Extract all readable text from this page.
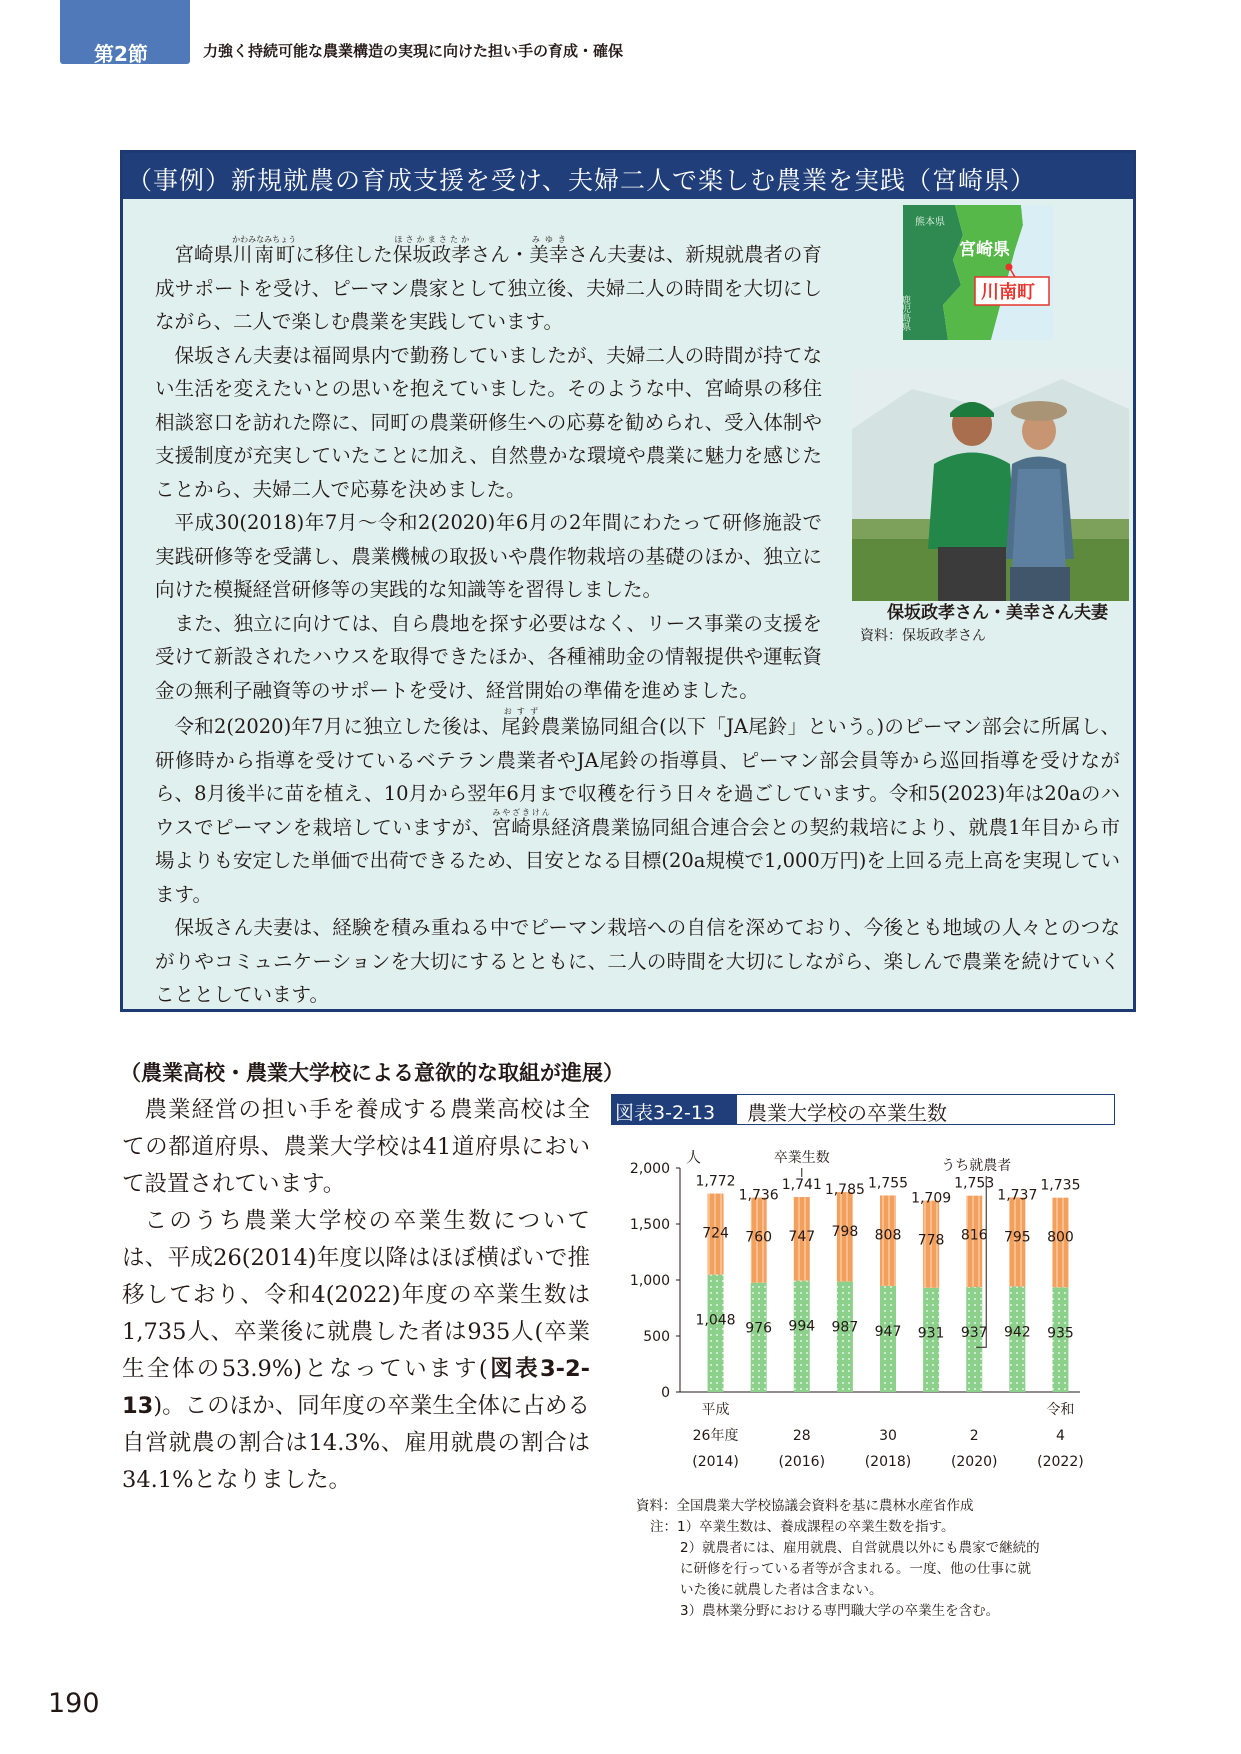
第2節	力強く持続可能な農業構造の実現に向けた担い手の育成・確保
（事例）新規就農の育成支援を受け、夫婦二人で楽しむ農業を実践（宮崎県）

宮崎県川南町かわみなみちょうに移住した保坂政孝ほさかまさたかさん・美幸みゆきさん夫妻は、新規就農者の育成サポートを受け、ピーマン農家として独立後、夫婦二人の時間を大切にしながら、二人で楽しむ農業を実践しています。

保坂さん夫妻は福岡県内で勤務していましたが、夫婦二人の時間が持てない生活を変えたいとの思いを抱えていました。そのような中、宮崎県の移住相談窓口を訪れた際に、同町の農業研修生への応募を勧められ、受入体制や支援制度が充実していたことに加え、自然豊かな環境や農業に魅力を感じたことから、夫婦二人で応募を決めました。

平成30(2018)年7月～令和2(2020)年6月の2年間にわたって研修施設で実践研修等を受講し、農業機械の取扱いや農作物栽培の基礎のほか、独立に向けた模擬経営研修等の実践的な知識等を習得しました。

また、独立に向けては、自ら農地を探す必要はなく、リース事業の支援を受けて新設されたハウスを取得できたほか、各種補助金の情報提供や運転資金の無利子融資等のサポートを受け、経営開始の準備を進めました。

令和2(2020)年7月に独立した後は、尾鈴おすず農業協同組合(以下「JA尾鈴」という。)のピーマン部会に所属し、研修時から指導を受けているベテラン農業者やJA尾鈴の指導員、ピーマン部会員等から巡回指導を受けながら、8月後半に苗を植え、10月から翌年6月まで収穫を行う日々を過ごしています。令和5(2023)年は20aのハウスでピーマンを栽培していますが、宮崎県みやざきけん経済農業協同組合連合会との契約栽培により、就農1年目から市場よりも安定した単価で出荷できるため、目安となる目標(20a規模で1,000万円)を上回る売上高を実現しています。

保坂さん夫妻は、経験を積み重ねる中でピーマン栽培への自信を深めており、今後とも地域の人々とのつながりやコミュニケーションを大切にするとともに、二人の時間を大切にしながら、楽しんで農業を続けていくこととしています。

熊本県
宮崎県
鹿児島県
川南町
保坂政孝さん・美幸さん夫妻
資料：保坂政孝さん
（農業高校・農業大学校による意欲的な取組が進展）

農業経営の担い手を養成する農業高校は全ての都道府県、農業大学校は41道府県において設置されています。

このうち農業大学校の卒業生数については、平成26(2014)年度以降はほぼ横ばいで推移しており、令和4(2022)年度の卒業生数は1,735人、卒業後に就農した者は935人(卒業生全体の53.9%)となっています(図表3-2-13)。このほか、同年度の卒業生全体に占める自営就農の割合は14.3%、雇用就農の割合は34.1%となりました。

図表3-2-13	農業大学校の卒業生数
人
0
500
1,000
1,500
2,000
1,048
724
1,772
976
760
1,736
994
747
1,741
987
798
1,785
947
808
1,755
931
778
1,709
937
816
1,753
942
795
1,737
935
800
1,735
卒業生数	うち就農者
平成
26年度
(2014)
28
(2016)
30
(2018)
2
(2020)
令和
4
(2022)
資料：全国農業大学校協議会資料を基に農林水産省作成
注：1）卒業生数は、養成課程の卒業生数を指す。
2）就農者には、雇用就農、自営就農以外にも農家で継続的に研修を行っている者等が含まれる。一度、他の仕事に就いた後に就農した者は含まない。
3）農林業分野における専門職大学の卒業生を含む。
190
